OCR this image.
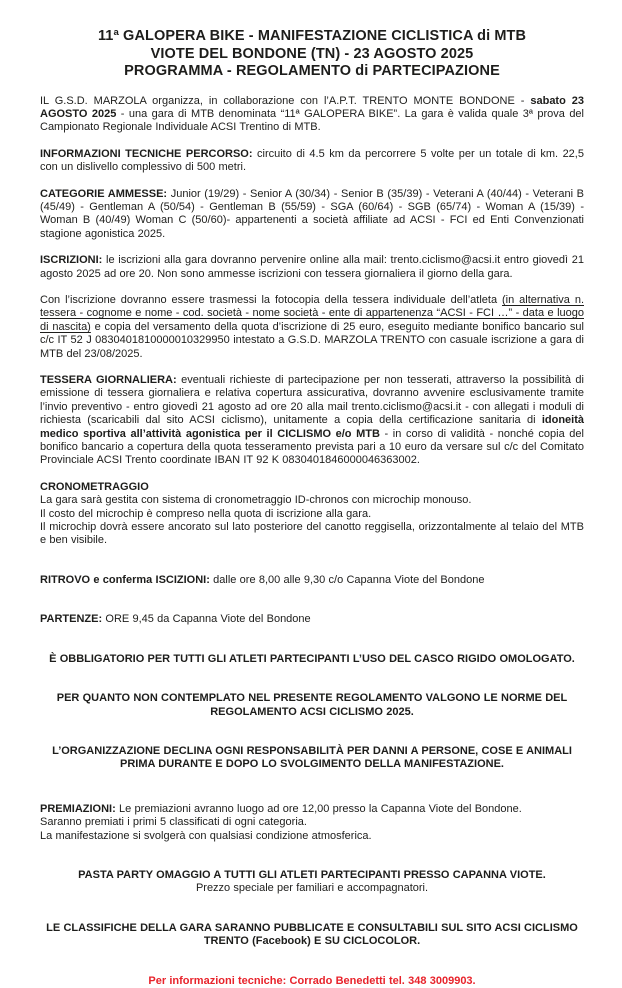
11ª GALOPERA BIKE - MANIFESTAZIONE CICLISTICA di MTB
VIOTE DEL BONDONE (TN) - 23 AGOSTO 2025
PROGRAMMA - REGOLAMENTO di PARTECIPAZIONE

IL G.S.D. MARZOLA organizza, in collaborazione con l’A.P.T. TRENTO MONTE BONDONE - sabato 23 AGOSTO 2025 - una gara di MTB denominata “11ª GALOPERA BIKE”. La gara è valida quale 3ª prova del Campionato Regionale Individuale ACSI Trentino di MTB.

INFORMAZIONI TECNICHE PERCORSO: circuito di 4.5 km da percorrere 5 volte per un totale di km. 22,5 con un dislivello complessivo di 500 metri.

CATEGORIE AMMESSE: Junior (19/29) - Senior A (30/34) - Senior B (35/39) - Veterani A (40/44) - Veterani B (45/49) - Gentleman A (50/54) - Gentleman B (55/59) - SGA (60/64) - SGB (65/74) - Woman A (15/39) - Woman B (40/49) Woman C (50/60)- appartenenti a società affiliate ad ACSI - FCI ed Enti Convenzionati stagione agonistica 2025.

ISCRIZIONI: le iscrizioni alla gara dovranno pervenire online alla mail: trento.ciclismo@acsi.it entro giovedì 21 agosto 2025 ad ore 20. Non sono ammesse iscrizioni con tessera giornaliera il giorno della gara.

Con l’iscrizione dovranno essere trasmessi la fotocopia della tessera individuale dell’atleta (in alternativa n. tessera - cognome e nome - cod. società - nome società - ente di appartenenza “ACSI - FCI …” - data e luogo di nascita) e copia del versamento della quota d’iscrizione di 25 euro, eseguito mediante bonifico bancario sul c/c IT 52 J 0830401810000010329950 intestato a G.S.D. MARZOLA TRENTO con casuale iscrizione a gara di MTB del 23/08/2025.

TESSERA GIORNALIERA: eventuali richieste di partecipazione per non tesserati, attraverso la possibilità di emissione di tessera giornaliera e relativa copertura assicurativa, dovranno avvenire esclusivamente tramite l’invio preventivo - entro giovedì 21 agosto ad ore 20 alla mail trento.ciclismo@acsi.it - con allegati i moduli di richiesta (scaricabili dal sito ACSI ciclismo), unitamente a copia della certificazione sanitaria di idoneità medico sportiva all’attività agonistica per il CICLISMO e/o MTB - in corso di validità - nonché copia del bonifico bancario a copertura della quota tesseramento prevista pari a 10 euro da versare sul c/c del Comitato Provinciale ACSI Trento coordinate IBAN IT 92 K 0830401846000046363002.

CRONOMETRAGGIO

La gara sarà gestita con sistema di cronometraggio ID-chronos con microchip monouso.

Il costo del microchip è compreso nella quota di iscrizione alla gara.

Il microchip dovrà essere ancorato sul lato posteriore del canotto reggisella, orizzontalmente al telaio del MTB e ben visibile.

RITROVO e conferma ISCIZIONI: dalle ore 8,00 alle 9,30 c/o Capanna Viote del Bondone

PARTENZE: ORE 9,45 da Capanna Viote del Bondone

È OBBLIGATORIO PER TUTTI GLI ATLETI PARTECIPANTI L’USO DEL CASCO RIGIDO OMOLOGATO.

PER QUANTO NON CONTEMPLATO NEL PRESENTE REGOLAMENTO VALGONO LE NORME DEL REGOLAMENTO ACSI CICLISMO 2025.

L’ORGANIZZAZIONE DECLINA OGNI RESPONSABILITÀ PER DANNI A PERSONE, COSE E ANIMALI PRIMA DURANTE E DOPO LO SVOLGIMENTO DELLA MANIFESTAZIONE.

PREMIAZIONI: Le premiazioni avranno luogo ad ore 12,00 presso la Capanna Viote del Bondone.

Saranno premiati i primi 5 classificati di ogni categoria.

La manifestazione si svolgerà con qualsiasi condizione atmosferica.

PASTA PARTY OMAGGIO A TUTTI GLI ATLETI PARTECIPANTI PRESSO CAPANNA VIOTE.

Prezzo speciale per familiari e accompagnatori.

LE CLASSIFICHE DELLA GARA SARANNO PUBBLICATE E CONSULTABILI SUL SITO ACSI CICLISMO TRENTO (Facebook) E SU CICLOCOLOR.

Per informazioni tecniche: Corrado Benedetti tel. 348 3009903.
